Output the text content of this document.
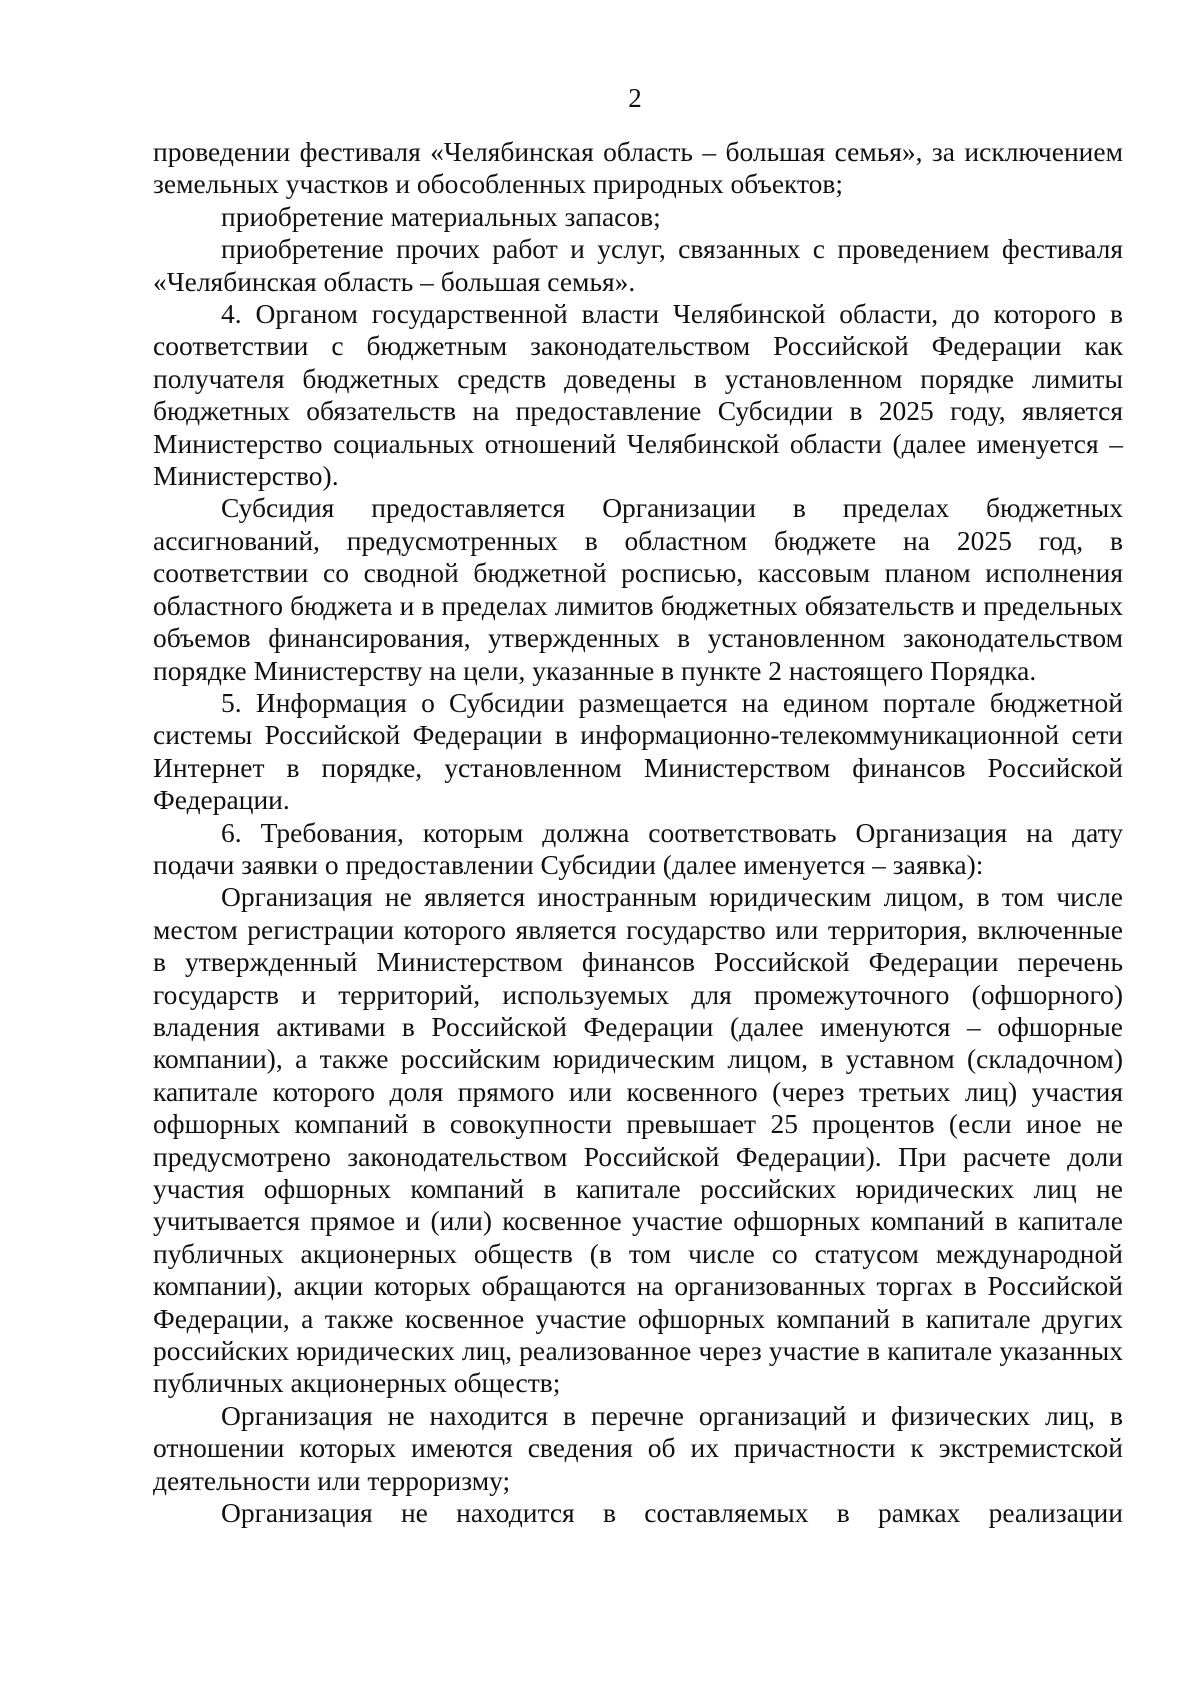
2

проведении фестиваля «Челябинская область – большая семья», за исключением земельных участков и обособленных природных объектов;

приобретение материальных запасов;

приобретение прочих работ и услуг, связанных с проведением фестиваля «Челябинская область – большая семья».

4. Органом государственной власти Челябинской области, до которого в соответствии с бюджетным законодательством Российской Федерации как получателя бюджетных средств доведены в установленном порядке лимиты бюджетных обязательств на предоставление Субсидии в 2025 году, является Министерство социальных отношений Челябинской области (далее именуется – Министерство).

Субсидия предоставляется Организации в пределах бюджетных ассигнований, предусмотренных в областном бюджете на 2025 год, в соответствии со сводной бюджетной росписью, кассовым планом исполнения областного бюджета и в пределах лимитов бюджетных обязательств и предельных объемов финансирования, утвержденных в установленном законодательством порядке Министерству на цели, указанные в пункте 2 настоящего Порядка.

5. Информация о Субсидии размещается на едином портале бюджетной системы Российской Федерации в информационно-телекоммуникационной сети Интернет в порядке, установленном Министерством финансов Российской Федерации.

6. Требования, которым должна соответствовать Организация на дату подачи заявки о предоставлении Субсидии (далее именуется – заявка):

Организация не является иностранным юридическим лицом, в том числе местом регистрации которого является государство или территория, включенные в утвержденный Министерством финансов Российской Федерации перечень государств и территорий, используемых для промежуточного (офшорного) владения активами в Российской Федерации (далее именуются – офшорные компании), а также российским юридическим лицом, в уставном (складочном) капитале которого доля прямого или косвенного (через третьих лиц) участия офшорных компаний в совокупности превышает 25 процентов (если иное не предусмотрено законодательством Российской Федерации). При расчете доли участия офшорных компаний в капитале российских юридических лиц не учитывается прямое и (или) косвенное участие офшорных компаний в капитале публичных акционерных обществ (в том числе со статусом международной компании), акции которых обращаются на организованных торгах в Российской Федерации, а также косвенное участие офшорных компаний в капитале других российских юридических лиц, реализованное через участие в капитале указанных публичных акционерных обществ;

Организация не находится в перечне организаций и физических лиц, в отношении которых имеются сведения об их причастности к экстремистской деятельности или терроризму;

Организация не находится в составляемых в рамках реализации
